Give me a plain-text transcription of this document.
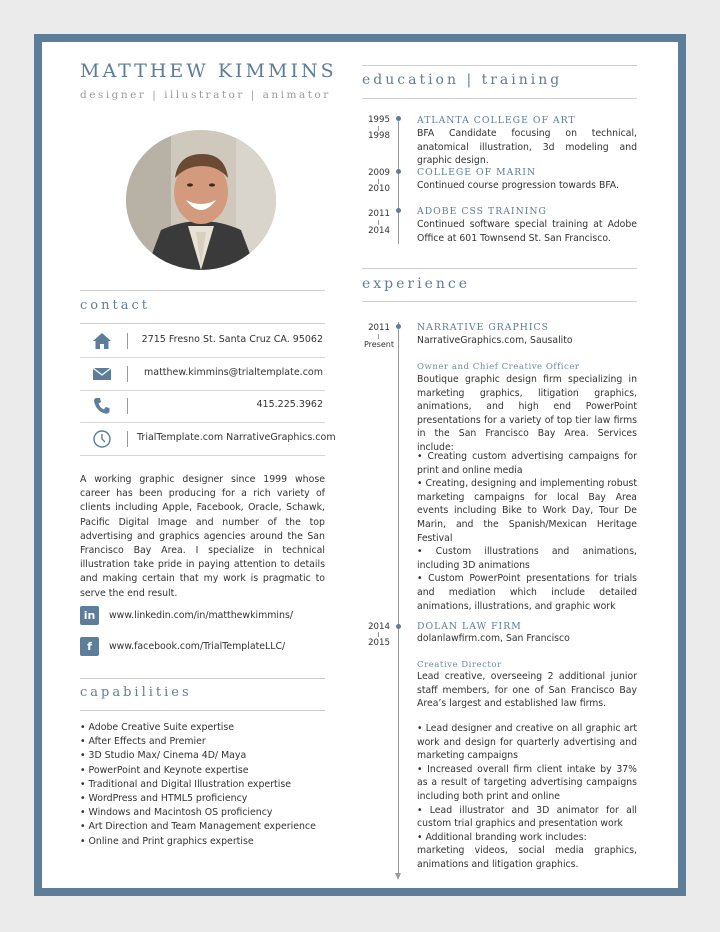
MATTHEW KIMMINS
designer | illustrator | animator
contact
2715 Fresno St. Santa Cruz CA. 95062
matthew.kimmins@trialtemplate.com
415.225.3962
TrialTemplate.com NarrativeGraphics.com
A working graphic designer since 1999 whose career has been producing for a rich variety of clients including Apple, Facebook, Oracle, Schawk, Pacific Digital Image and number of the top advertising and graphics agencies around the San Francisco Bay Area. I specialize in technical illustration take pride in paying attention to details and making certain that my work is pragmatic to serve the end result.
in	www.linkedin.com/in/matthewkimmins/
f	www.facebook.com/TrialTemplateLLC/
capabilities
• Adobe Creative Suite expertise
• After Effects and Premier
• 3D Studio Max/ Cinema 4D/ Maya
• PowerPoint and Keynote expertise
• Traditional and Digital Illustration expertise
• WordPress and HTML5 proficiency
• Windows and Macintosh OS proficiency
• Art Direction and Team Management experience
• Online and Print graphics expertise
education | training
1995
1998
ATLANTA COLLEGE OF ART
BFA Candidate focusing on technical, anatomical illustration, 3d modeling and graphic design.
2009
2010
COLLEGE OF MARIN
Continued course progression towards BFA.
2011
2014
ADOBE CSS TRAINING
Continued software special training at Adobe Office at 601 Townsend St. San Francisco.
experience
2011
Present
NARRATIVE GRAPHICS
NarrativeGraphics.com, Sausalito
Owner and Chief Creative Officer
Boutique graphic design firm specializing in marketing graphics, litigation graphics, animations, and high end PowerPoint presentations for a variety of top tier law firms in the San Francisco Bay Area. Services include:
• Creating custom advertising campaigns for print and online media
• Creating, designing and implementing robust marketing campaigns for local Bay Area events including Bike to Work Day, Tour De Marin, and the Spanish/Mexican Heritage Festival
• Custom illustrations and animations, including 3D animations
• Custom PowerPoint presentations for trials and mediation which include detailed animations, illustrations, and graphic work
2014
2015
DOLAN LAW FIRM
dolanlawfirm.com, San Francisco
Creative Director
Lead creative, overseeing 2 additional junior staff members, for one of San Francisco Bay Area’s largest and established law firms.
• Lead designer and creative on all graphic art work and design for quarterly advertising and marketing campaigns
• Increased overall firm client intake by 37% as a result of targeting advertising campaigns including both print and online
• Lead illustrator and 3D animator for all custom trial graphics and presentation work
• Additional branding work includes:
marketing videos, social media graphics, animations and litigation graphics.
